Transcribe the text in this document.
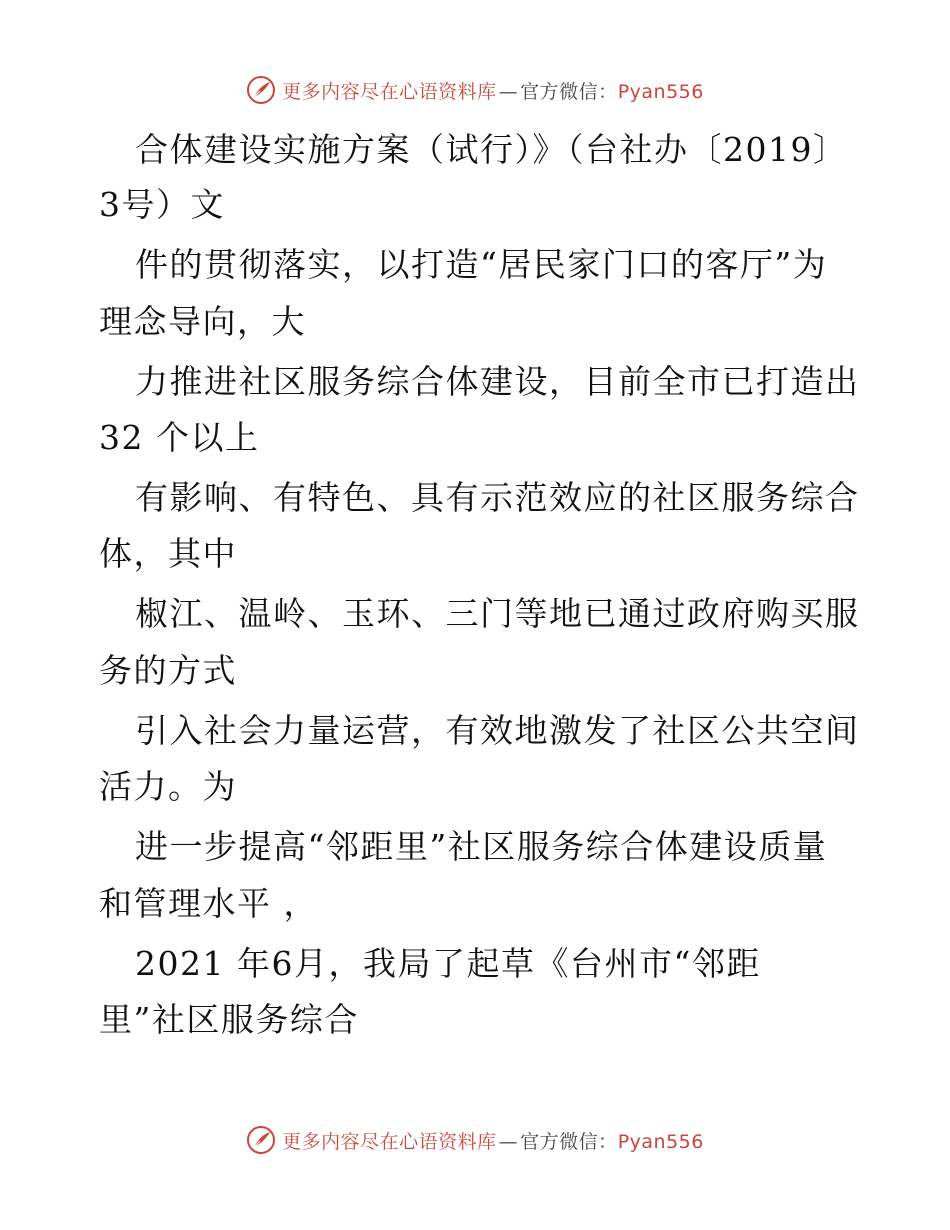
更多内容尽在心语资料库 — 官方微信：Pyan556
合体建设实施方案（试行）》（台社办〔2019〕
3号）文
件的贯彻落实，以打造“居民家门口的客厅”为
理念导向，大
力推进社区服务综合体建设，目前全市已打造出
32 个以上
有影响、有特色、具有示范效应的社区服务综合
体，其中
椒江、温岭、玉环、三门等地已通过政府购买服
务的方式
引入社会力量运营，有效地激发了社区公共空间
活力。为
进一步提高“邻距里”社区服务综合体建设质量
和管理水平 ，
2021 年6月，我局了起草《台州市“邻距
里”社区服务综合
更多内容尽在心语资料库 — 官方微信：Pyan556
